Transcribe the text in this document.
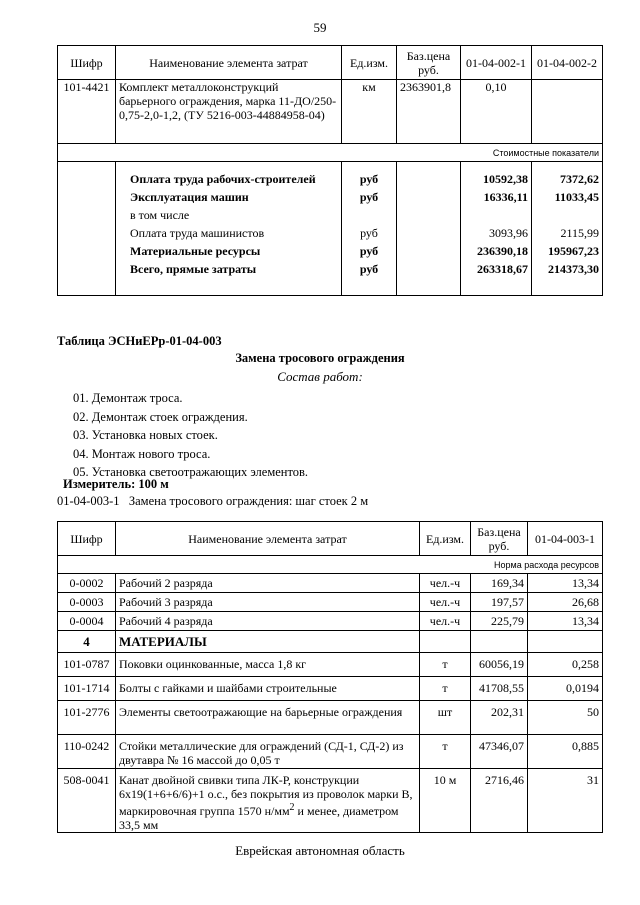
59
Шифр	Наименование элемента затрат	Ед.изм.	Баз.цена руб.	01-04-002-1	01-04-002-2
101-4421	Комплект металлоконструкций барьерного ограждения, марка 11-ДО/250-0,75-2,0-1,2, (ТУ 5216-003-44884958-04)	км	2363901,8	0,10	
Стоимостные показатели					
	Оплата труда рабочих-строителей	руб		10592,38	7372,62
	Эксплуатация машин	руб		16336,11	11033,45
	в том числе				
	Оплата труда машинистов	руб		3093,96	2115,99
	Материальные ресурсы	руб		236390,18	195967,23
	Всего, прямые затраты	руб		263318,67	214373,30

Таблица ЭСНиЕРр-01-04-003
Замена тросового ограждения
Состав работ:
01. Демонтаж троса.
02. Демонтаж стоек ограждения.
03. Установка новых стоек.
04. Монтаж нового троса.
05. Установка светоотражающих элементов.
Измеритель: 100 м
01-04-003-1 Замена тросового ограждения: шаг стоек 2 м
Шифр	Наименование элемента затрат	Ед.изм.	Баз.цена руб.	01-04-003-1
Норма расхода ресурсов				
0-0002	Рабочий 2 разряда	чел.-ч	169,34	13,34
0-0003	Рабочий 3 разряда	чел.-ч	197,57	26,68
0-0004	Рабочий 4 разряда	чел.-ч	225,79	13,34
4	МАТЕРИАЛЫ			
101-0787	Поковки оцинкованные, масса 1,8 кг	т	60056,19	0,258
101-1714	Болты с гайками и шайбами строительные	т	41708,55	0,0194
101-2776	Элементы светоотражающие на барьерные ограждения	шт	202,31	50
110-0242	Стойки металлические для ограждений (СД-1, СД-2) из двутавра № 16 массой до 0,05 т	т	47346,07	0,885
508-0041	Канат двойной свивки типа ЛК-Р, конструкции 6х19(1+6+6/6)+1 о.с., без покрытия из проволок марки В, маркировочная группа 1570 $н/мм^2$ и менее, диаметром 33,5 мм	10 м	2716,46	31
Еврейская автономная область
